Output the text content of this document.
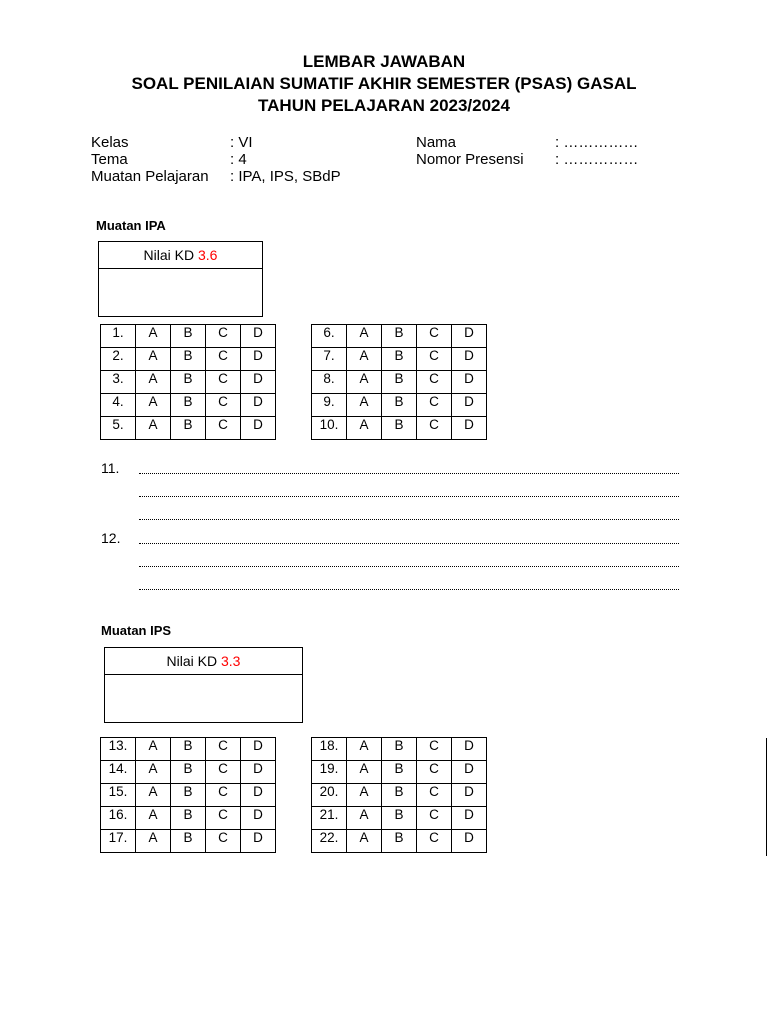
LEMBAR JAWABAN
SOAL PENILAIAN SUMATIF AKHIR SEMESTER (PSAS) GASAL
TAHUN PELAJARAN 2023/2024
Kelas	: VI
Tema	: 4
Muatan Pelajaran : IPA, IPS, SBdP
Nama	: ……………
Nomor Presensi : ……………
Muatan IPA
Nilai KD 3.6
1.	A	B	C	D
2.	A	B	C	D
3.	A	B	C	D
4.	A	B	C	D
5.	A	B	C	D
6.	A	B	C	D
7.	A	B	C	D
8.	A	B	C	D
9.	A	B	C	D
10.	A	B	C	D
11.
12.
Muatan IPS
Nilai KD 3.3
13.	A	B	C	D
14.	A	B	C	D
15.	A	B	C	D
16.	A	B	C	D
17.	A	B	C	D
18.	A	B	C	D
19.	A	B	C	D
20.	A	B	C	D
21.	A	B	C	D
22.	A	B	C	D
